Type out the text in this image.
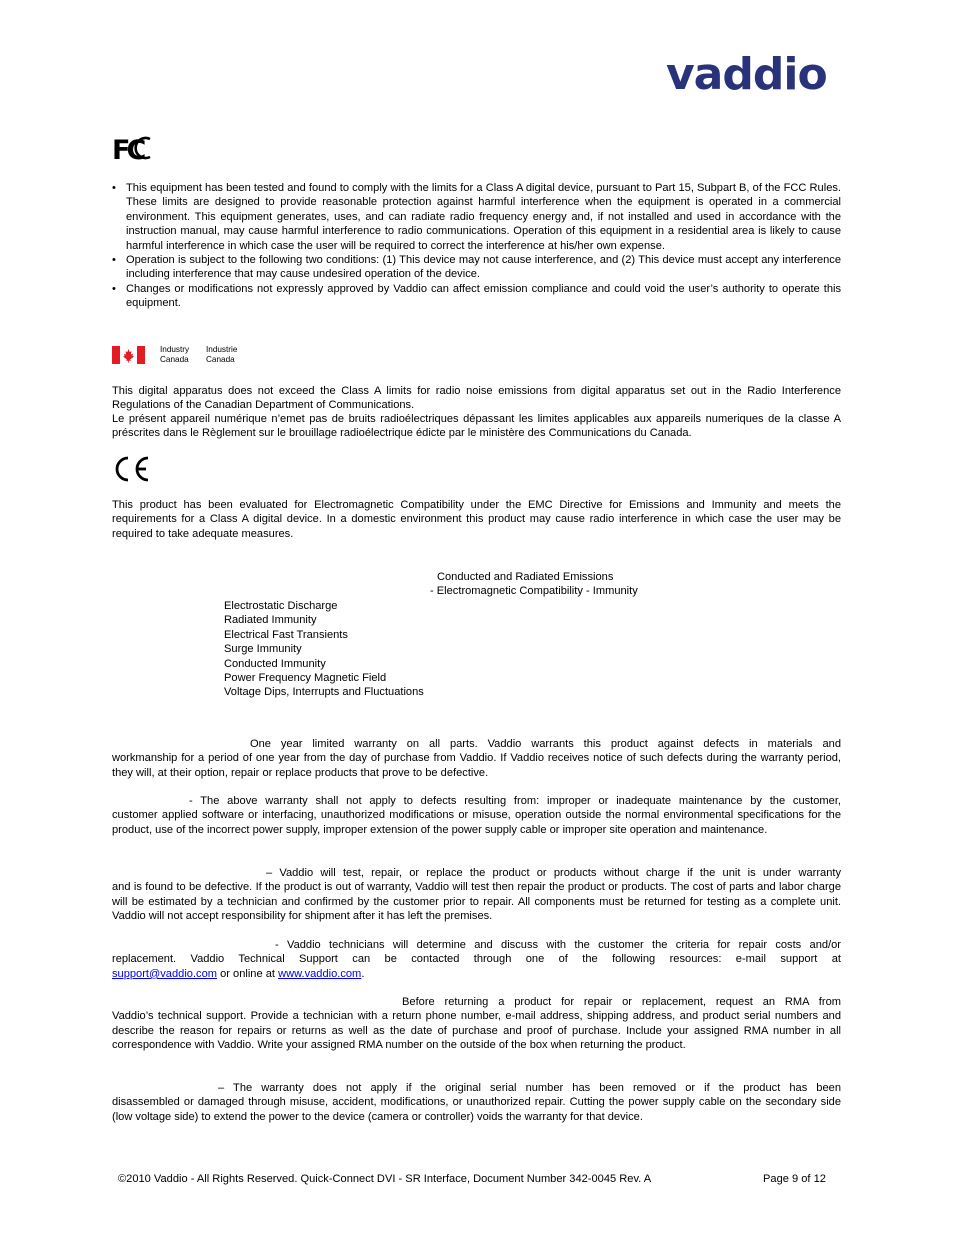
vaddio
FC
• This equipment has been tested and found to comply with the limits for a Class A digital device, pursuant to Part 15, Subpart B, of the FCC Rules. These limits are designed to provide reasonable protection against harmful interference when the equipment is operated in a commercial environment. This equipment generates, uses, and can radiate radio frequency energy and, if not installed and used in accordance with the instruction manual, may cause harmful interference to radio communications. Operation of this equipment in a residential area is likely to cause harmful interference in which case the user will be required to correct the interference at his/her own expense.
• Operation is subject to the following two conditions: (1) This device may not cause interference, and (2) This device must accept any interference including interference that may cause undesired operation of the device.
• Changes or modifications not expressly approved by Vaddio can affect emission compliance and could void the user’s authority to operate this equipment.
Industry
Canada
Industrie
Canada

This digital apparatus does not exceed the Class A limits for radio noise emissions from digital apparatus set out in the Radio Interference Regulations of the Canadian Department of Communications.

Le présent appareil numérique n’emet pas de bruits radioélectriques dépassant les limites applicables aux appareils numeriques de la classe A préscrites dans le Règlement sur le brouillage radioélectrique édicte par le ministère des Communications du Canada.

This product has been evaluated for Electromagnetic Compatibility under the EMC Directive for Emissions and Immunity and meets the requirements for a Class A digital device. In a domestic environment this product may cause radio interference in which case the user may be required to take adequate measures.

Conducted and Radiated Emissions
- Electromagnetic Compatibility - Immunity
Electrostatic Discharge
Radiated Immunity
Electrical Fast Transients
Surge Immunity
Conducted Immunity
Power Frequency Magnetic Field
Voltage Dips, Interrupts and Fluctuations
One year limited warranty on all parts. Vaddio warrants this product against defects in materials and
workmanship for a period of one year from the day of purchase from Vaddio. If Vaddio receives notice of such defects during the warranty period, they will, at their option, repair or replace products that prove to be defective.
- The above warranty shall not apply to defects resulting from: improper or inadequate maintenance by the customer,
customer applied software or interfacing, unauthorized modifications or misuse, operation outside the normal environmental specifications for the product, use of the incorrect power supply, improper extension of the power supply cable or improper site operation and maintenance.
– Vaddio will test, repair, or replace the product or products without charge if the unit is under warranty
and is found to be defective. If the product is out of warranty, Vaddio will test then repair the product or products. The cost of parts and labor charge will be estimated by a technician and confirmed by the customer prior to repair. All components must be returned for testing as a complete unit. Vaddio will not accept responsibility for shipment after it has left the premises.
- Vaddio technicians will determine and discuss with the customer the criteria for repair costs and/or
replacement. Vaddio Technical Support can be contacted through one of the following resources: e-mail support at
support@vaddio.com or online at www.vaddio.com.
Before returning a product for repair or replacement, request an RMA from
Vaddio’s technical support. Provide a technician with a return phone number, e-mail address, shipping address, and product serial numbers and describe the reason for repairs or returns as well as the date of purchase and proof of purchase. Include your assigned RMA number in all correspondence with Vaddio. Write your assigned RMA number on the outside of the box when returning the product.
– The warranty does not apply if the original serial number has been removed or if the product has been
disassembled or damaged through misuse, accident, modifications, or unauthorized repair. Cutting the power supply cable on the secondary side (low voltage side) to extend the power to the device (camera or controller) voids the warranty for that device.
©2010 Vaddio - All Rights Reserved. Quick-Connect DVI - SR Interface, Document Number 342-0045 Rev. A	Page 9 of 12
